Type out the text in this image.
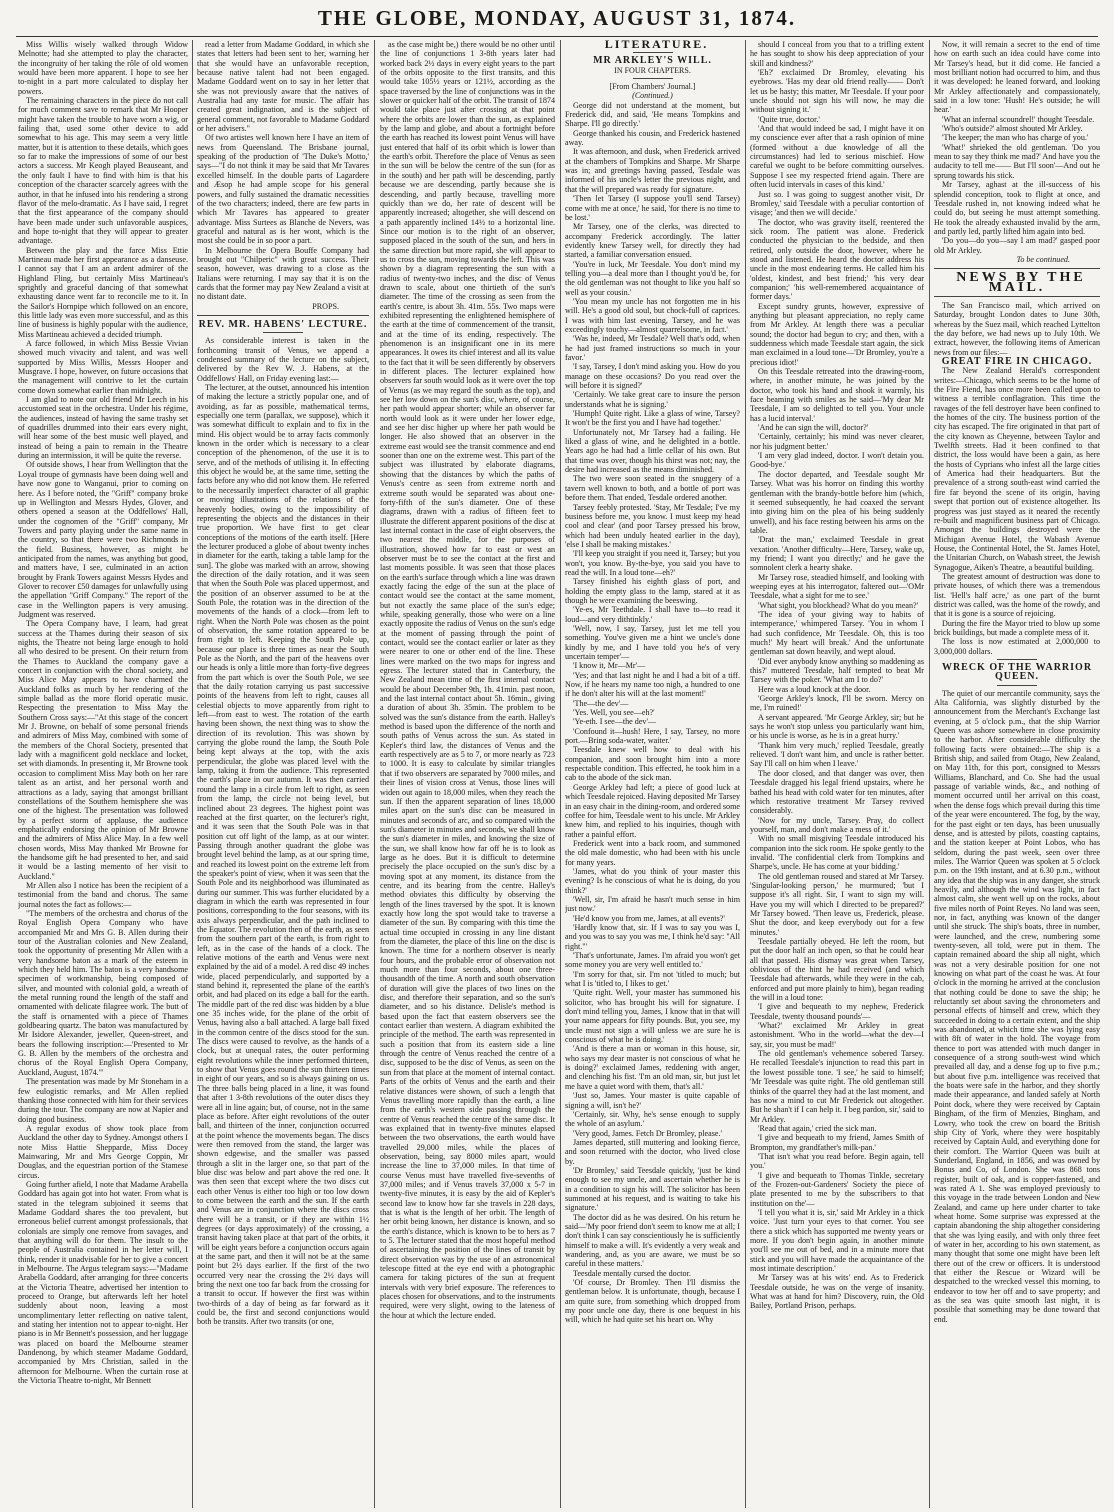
THE GLOBE, MONDAY, AUGUST 31, 1874.

Miss Willis wisely walked through Widow Melnotte; had she attempted to play the character, the incongruity of her taking the rôle of old women would have been more apparent. I hope to see her to-night in a part more calculated to display her powers.

The remaining characters in the piece do not call for much comment save to remark that Mr Hooper might have taken the trouble to have worn a wig, or failing that, used some other device to add somewhat to his age. This may seem a very little matter, but it is attention to these details, which goes so far to make the impressions of some of our best actors a success. Mr Keogh played Beauseant, and the only fault I have to find with him is that his conception of the character scarcely agrees with the author, in that he infused into his rendering a strong flavor of the melo-dramatic. As I have said, I regret that the first appearance of the company should have been made under such unfavorable auspices, and hope to-night that they will appear to greater advantage.

Between the play and the farce Miss Ettie Martineau made her first appearance as a danseuse. I cannot say that I am an ardent admirer of the Highland Fling, but certainly Miss Martineau's sprightly and graceful dancing of that somewhat exhausting dance went far to reconcile me to it. In the Sailor's Hornpipe which followed on an encore, this little lady was even more successful, and as this line of business is highly popular with the audience, Miss Martineau achieved a decided triumph.

A farce followed, in which Miss Bessie Vivian showed much vivacity and talent, and was well supported by Miss Willis, Messrs Hooper and Musgrave. I hope, however, on future occasions that the management will contrive to let the curtain come down somewhat earlier than midnight.

I am glad to note our old friend Mr Leech in his accustomed seat in the orchestra. Under his régime, the audiences, instead of having the same trashy set of quadrilles drummed into their ears every night, will hear some of the best music well played, and instead of being a pain to remain in the Theatre during an intermission, it will be quite the reverse.

Of outside shows, I hear from Wellington that the Loyal troupe of gymnasts have been doing well and have now gone to Wanganui, prior to coming on here. As I before noted, the "Griff" company broke up in Wellington and Messrs Hydes, Glover, and others opened a season at the Oddfellows' Hall, under the cognomen of the "Griff" company, Mr Towers and party playing under the same name in the country, so that there were two Richmonds in the field. Business, however, as might be anticipated from the names, was anything but good, and matters have, I see, culminated in an action brought by Frank Towers against Messrs Hydes and Glover to recover £50 damages for unlawfully using the appellation "Griff Company." The report of the case in the Wellington papers is very amusing. Judgment was reserved.

The Opera Company have, I learn, had great success at the Thames during their season of six nights, the Theatre not being large enough to hold all who desired to be present. On their return from the Thames to Auckland the company gave a concert in conjunction with the choral society, and Miss Alice May appears to have charmed the Auckland folks as much by her rendering of the simple ballad as the more florid operatic music. Respecting the presentation to Miss May the Southern Cross says:—"At this stage of the concert Mr J. Browne, on behalf of some personal friends and admirers of Miss May, combined with some of the members of the Choral Society, presented that lady with a magnificent gold necklace and locket, set with diamonds. In presenting it, Mr Browne took occasion to compliment Miss May both on her rare talent as an artist, and her personal worth and attractions as a lady, saying that amongst brilliant constellations of the Southern hemisphere she was one of the highest. The presentation was followed by a perfect storm of applause, the audience emphatically endorsing the opinion of Mr Browne and the admirers of Miss Alice May. In a few well chosen words, Miss May thanked Mr Browne for the handsome gift he had presented to her, and said it would be a lasting memento of her visit to Auckland."

Mr Allen also I notice has been the recipient of a testimonial from the band and chorus. The same journal notes the fact as follows:—

"The members of the orchestra and chorus of the Royal English Opera Company who have accompanied Mr and Mrs G. B. Allen during their tour of the Australian colonies and New Zealand, took the opportunity of presenting Mr Allen with a very handsome baton as a mark of the esteem in which they held him. The baton is a very handsome specimen of workmanship, being composed of silver, and mounted with colonial gold, a wreath of the metal running round the length of the staff and ornamented with delicate filagree work. The butt of the staff is ornamented with a piece of Thames goldbearing quartz. The baton was manufactured by Mr Isidore Alexander, jeweller, Queen-street, and bears the following inscription:—'Presented to Mr G. B. Allen by the members of the orchestra and chorus of the Royal English Opera Company, Auckland, August, 1874.'"

The presentation was made by Mr Stoneham in a few eulogistic remarks, and Mr Allen replied thanking those connected with him for their services during the tour. The company are now at Napier and doing good business.

A regular exodus of show took place from Auckland the other day to Sydney. Amongst others I note Miss Hattie Shepparde, Miss Docey Mainwaring, Mr and Mrs George Coppin, Mr Douglas, and the equestrian portion of the Stamese circus.

Going further afield, I note that Madame Arabella Goddard has again got into hot water. From what is stated in the telegram subjoined it seems that Madame Goddard shares the too prevalent, but erroneous belief current amongst professionals, that colonials are simply one remove from savages, and that anything will do for them. The insult to the people of Australia contained in her letter will, I think, render it unadvisable for her to give a concert in Melbourne. The Argus telegram says:—"Madame Arabella Goddard, after arranging for three concerts at the Victoria Theatre, advertised her intention to proceed to Orange, but afterwards left her hotel suddenly about noon, leaving a most uncomplimentary letter reflecting on native talent, and stating her intention not to appear to-night. Her piano is in Mr Bennett's possession, and her luggage was placed on board the Melbourne steamer Dandenong, by which steamer Madame Goddard, accompanied by Mrs Christian, sailed in the afternoon for Melbourne. When the curtain rose at the Victoria Theatre to-night, Mr Bennett

read a letter from Madame Goddard, in which she states that letters had been sent to her, warning her that she would have an unfavorable reception, because native talent had not been engaged. Madame Goddard went on to say in her letter that she was not previously aware that the natives of Australia had any taste for music. The affair has created great indignation, and is the subject of general comment, not favorable to Madame Goddard or her advisers."

Of two artistes well known here I have an item of news from Queensland. The Brisbane journal, speaking of the production of 'The Duke's Motto,' says—"I do not think it may be said that Mr Tavares excelled himself. In the double parts of Lagardere and Æsop he had ample scope for his general powers, and fully sustained the dramatic necessities of the two characters; indeed, there are few parts in which Mr Tavares has appeared to greater advantage. Miss Surtees as Blanche de Nevers, was graceful and natural as is her wont, which is the most she could be in so poor a part.

In Melbourne the Opera Bouffe Company had brought out "Chilperic" with great success. Their season, however, was drawing to a close as the Italians were returning. I may say that it is on the cards that the former may pay New Zealand a visit at no distant date.

PROPS.

REV. MR. HABENS' LECTURE.

As considerable interest is taken in the forthcoming transit of Venus, we append a condensed summary of the lecture on the subject, delivered by the Rev W. J. Habens, at the Oddfellows' Hall, on Friday evening last:—

The lecturer, at the outset, announced his intention of making the lecture a strictly popular one, and of avoiding, as far as possible, mathematical terms, especially one term (parallax, we suppose), which it was somewhat difficult to explain and to fix in the mind. His object would be to array facts commonly known in the order which is necessary to a clear conception of the phenomenon, of the use it is to serve, and of the methods of utilising it. In effecting this object he would be, at the same time, setting the facts before any who did not know them. He referred to the necessarily imperfect character of all graphic or moving illustrations of the relations of the heavenly bodies, owing to the impossibility of representing the objects and the distances in their true proportion. We have first to get clear conceptions of the motions of the earth itself. [Here the lecturer produced a globe of about twenty inches in diameter for the earth, taking a table lamp for the sun]. The globe was marked with an arrow, showing the direction of the daily rotation, and it was seen that when the South Pole was placed uppermost, and the position of an observer assumed to be at the South Pole, the rotation was in the direction of the movements of the hands of a clock—from left to right. When the North Pole was chosen as the point of observation, the same rotation appeared to be from right to left. Keeping the South Pole up, because our place is three times as near the South Pole as the North, and the part of the heavens over our heads is only a little more than forty-five degrees from the part which is over the South Pole, we see that the daily rotation carrying us past successive points of the heavens from left to right, causes all celestial objects to move apparently from right to left—from east to west. The rotation of the earth having been shown, the next thing was to show the direction of its revolution. This was shown by carrying the globe round the lamp, the South Pole being kept always at the top, with the axis perpendicular, the globe was placed level with the lamp, taking it from the audience. This represented the earth's place in our autumn. It was then carried round the lamp in a circle from left to right, as seen from the lamp, the circle not being level, but inclined about 23 degrees. The highest point was reached at the first quarter, on the lecturer's right, and it was seen that the South Pole was in that position cut off light of the lamp, as at our winter. Passing through another quadrant the globe was brought level behind the lamp, as at our spring time, and reached its lowest point on the extreme left from the speaker's point of view, when it was seen that the South Pole and its neighborhood was illuminated as during our summer. This was further elucidated by a diagram in which the earth was represented in four positions, corresponding to the four seasons, with its axis always perpendicular, and the path inclined to the Equator. The revolution then of the earth, as seen from the southern part of the earth, is from right to left, as in the case of the hands of a clock. The relative motions of the earth and Venus were next explained by the aid of a model. A red disc 49 inches wide, placed perpendicularly, and supported by a stand behind it, represented the plane of the earth's orbit, and had placed on its edge a ball for the earth. The middle part of the red disc was hidden by a blue one 35 inches wide, for the plane of the orbit of Venus, having also a ball attached. A large ball fixed in the common centre of the discs stood for the sun. The discs were caused to revolve, as the hands of a clock, but at unequal rates, the outer performing eight revolutions while the inner performed thirteen, to show that Venus goes round the sun thirteen times in eight of our years, and so is always gaining on us. The three balls being placed in a line, it was found that after 1 3-8th revolutions of the outer discs they were all in line again; but, of course, not in the same place as before. After eight revolutions of the outer ball, and thirteen of the inner, conjunction occurred at the point whence the movements began. The discs were then removed from the stand, the larger was shown edgewise, and the smaller was passed through a slit in the larger one, so that part of the blue disc was below and part above the red one. It was then seen that except where the two discs cut each other Venus is either too high or too low down to come between the earth and the sun. If the earth and Venus are in conjunction where the discs cross there will be a transit, or if they are within 1½ degrees (or days approximately) of the crossing, a transit having taken place at that part of the orbits, it will be eight years before a conjunction occurs again at the same part, and then it will not be at the same point but 2½ days earlier. If the first of the two occurred very near the crossing the 2½ days will bring the next one too far back from the crossing for a transit to occur. If however the first was within two-thirds of a day of being as far forward as it could be, the first and second conjunctions would both be transits. After two transits (or one,

as the case might be,) there would be no other until the line of conjunctions 1 3-8th years later had worked back 2½ days in every eight years to the part of the orbits opposite to the first transits, and this would take 105½ years or 121½, according as the space traversed by the line of conjunctions was in the slower or quicker half of the orbit. The transit of 1874 would take place just after crossing at that point where the orbits are lower than the sun, as explained by the lamp and globe, and about a fortnight before the earth has reached its lowest point Venus will have just entered that half of its orbit which is lower than the earth's orbit. Therefore the place of Venus as seen in the sun will be below the centre of the sun (for as in the south) and her path will be descending, partly because we are descending, partly because she is descending, and partly because, travelling more quickly than we do, her rate of descent will be apparently increased; altogether, she will descend on a path apparently inclined 14½ to a horizontal line. Since our motion is to the right of an observer, supposed placed in the south of the sun, and hers in the same direction but more rapid, she will appear to us to cross the sun, moving towards the left. This was shown by a diagram representing the sun with a radius of twenty-two inches, and the disc of Venus drawn to scale, about one thirtieth of the sun's diameter. The time of the crossing as seen from the earth's centre, is about 3h. 41m. 55s. Two maps were exhibited representing the enlightened hemisphere of the earth at the time of commencement of the transit, and at the time of its ending, respectively. The phenomenon is an insignificant one in its mere appearances. It owes its chief interest and all its value to the fact that it will be seen differently by observers in different places. The lecturer explained how observers far south would look as it were over the top of Venus (as we may regard the south as the top), and see her low down on the sun's disc, where, of course, her path would appear shorter; while an observer far north would look as it were under her lower edge, and see her disc higher up where her path would be longer. He also showed that an observer in the extreme east would see the transit commence and end sooner than one on the extreme west. This part of the subject was illustrated by elaborate diagrams, showing that the distances by which the paths of Venus's centre as seen from extreme north and extreme south would be separated was about one-forty-fifth of the sun's diameter. One of these diagrams, drawn with a radius of fifteen feet to illustrate the different apparent positions of the disc at last internal contact in the case of eight observers, the two nearest the middle, for the purposes of illustration, showed how far to east or west an observer must be to see the contact at the first and last moments possible. It was seen that those places on the earth's surface through which a line was drawn exactly facing the edge of the sun at the place of contact would see the contact at the same moment, but not exactly the same place of the sun's edge; while, speaking generally, those who were on a line exactly opposite the radius of Venus on the sun's edge at the moment of passing through the point of contact, would see the contact earlier or later as they were nearer to one or other end of the line. These lines were marked on the two maps for ingress and egress. The lecturer stated that in Canterbury, the New Zealand mean time of the first internal contact would be about December 9th, 1h. 41min. past noon, and the last internal contact about 5h. 16min., giving a duration of about 3h. 35min. The problem to be solved was the sun's distance from the earth. Halley's method is based upon the difference of the north and south paths of Venus across the sun. As stated in Kepler's third law, the distances of Venus and the earth respectively are as 5 to 7, or more nearly as 723 to 1000. It is easy to calculate by similar triangles that if two observers are separated by 7000 miles, and their lines of vision cross at Venus, those lines will widen out again to 18,000 miles, when they reach the sun. If then the apparent separation of lines 18,000 miles apart on the sun's disc can be measured in minutes and seconds of arc, and so compared with the sun's diameter in minutes and seconds, we shall know the sun's diameter in miles, and knowing the size of the sun, we shall know how far off he is to look as large as he does. But it is difficult to determine precisely the place occupied on the sun's disc by a moving spot at any moment, its distance from the centre, and its bearing from the centre. Halley's method obviates this difficulty by observing the length of the lines traversed by the spot. It is known exactly how long the spot would take to traverse a diameter of the sun. By comparing with this time the actual time occupied in crossing in any line distant from the diameter, the place of this line on the disc is known. The time for a northern observer is nearly four hours, and the probable error of observation not much more than four seconds, about one three-thousandth of the time. A north and south observation of duration will give the places of two lines on the disc, and therefore their separation, and so the sun's diameter, and so his distance. Delisle's method is based upon the fact that eastern observers see the contact earlier than western. A diagram exhibited the principle of the method. The earth was represented in such a position that from its eastern side a line through the centre of Venus reached the centre of a disc, supposed to be the disc of Venus, as seen on the sun from that place at the moment of internal contact. Parts of the orbits of Venus and the earth and their relative distances were shown, of such a length that Venus travelling more rapidly than the earth, a line from the earth's western side passing through the centre of Venus reached the centre of the same disc. It was explained that in twenty-five minutes elapsed between the two observations, the earth would have travelled 29,000 miles, while the places of observation, being, say 8000 miles apart, would increase the line to 37,000 miles. In that time of course Venus must have travelled five-sevenths of 37,000 miles; and if Venus travels 37,000 x 5-7 in twenty-five minutes, it is easy by the aid of Kepler's second law to know how far she travels in 228 days, that is what is the length of her orbit. The length of her orbit being known, her distance is known, and so the earth's distance, which is known to be to hers as 7 to 5. The lecturer stated that the most hopeful method of ascertaining the position of the lines of transit by direct observation was by the use of an astronomical telescope fitted at the eye end with a photographic camera for taking pictures of the sun at frequent intervals with very brief exposure. The references to places chosen for observations, and to the instruments required, were very slight, owing to the lateness of the hour at which the lecture ended.

LITERATURE.

MR ARKLEY'S WILL.

IN FOUR CHAPTERS.

[From Chambers' Journal.]

(Continued.)

George did not understand at the moment, but Frederick did, and said, 'He means Tompkins and Sharpe. I'll go directly.'

George thanked his cousin, and Frederick hastened away.

It was afternoon, and dusk, when Frederick arrived at the chambers of Tompkins and Sharpe. Mr Sharpe was in; and greetings having passed, Tesdale was informed of his uncle's letter the previous night, and that the will prepared was ready for signature.

'Then let Tarsey (I suppose you'll send Tarsey) come with me at once,' he said, 'for there is no time to be lost.'

Mr Tarsey, one of the clerks, was directed to accompany Frederick accordingly. The latter evidently knew Tarsey well, for directly they had started, a familiar conversation ensued.

'You're in luck, Mr Teesdale. You don't mind my telling you—a deal more than I thought you'd be, for the old gentleman was not thought to like you half so well as your cousin.'

'You mean my uncle has not forgotten me in his will. He's a good old soul, but chock-full of caprices. I was with him last evening, Tarsey, and he was exceedingly touchy—almost quarrelsome, in fact.'

'Was he, indeed, Mr Tesdale? Well that's odd, when he had just framed instructions so much in your favor.'

'I say, Tarsey, I don't mind asking you. How do you manage on these occasions? Do you read over the will before it is signed?'

'Certainly. We take great care to insure the person understands what he is signing.'

'Humph! Quite right. Like a glass of wine, Tarsey? It won't be the first you and I have had together.'

Unfortunately not, Mr Tarsey had a failing. He liked a glass of wine, and he delighted in a bottle. Years ago he had had a little cellar of his own. But that time was over, though his thirst was not; nay, the desire had increased as the means diminished.

The two were soon seated in the snuggery of a tavern well known to both, and a bottle of port was before them. That ended, Tesdale ordered another.

Tarsey feebly protested. 'Stay, Mr Tesdale; I've my business before me, you know. I must keep my head cool and clear' (and poor Tarsey pressed his brow, which had been unduly heated earlier in the day), 'else I shall be making mistakes.'

'I'll keep you straight if you need it, Tarsey; but you won't, you know. By-the-bye, you said you have to read the will. In a loud tone—eh?'

Tarsey finished his eighth glass of port, and holding the empty glass to the lamp, stared at it as though he were examining the beeswing.

'Ye-es, Mr Teethdale. I shall have to—to read it loud—and very dithtinkly.'

'Well, now, I say, Tarsey, just let me tell you something. You've given me a hint we uncle's done kindly by me, and I have told you he's of very uncertain temper'—

'I know it, Mr—Mr'—

'Yes; and that last night he and I had a bit of a tiff. Now, if he hears my name too nigh, a hundred to one if he don't alter his will at the last moment!'

'The—the dev'—

'Yes. Well, you see—eh?'

'Ye-eth. I see—the dev'—

'Confound it—hush! Here, I say, Tarsey, no more port.—Bring soda-water, waiter.'

Teesdale knew well how to deal with his companion, and soon brought him into a more respectable condition. This effected, he took him in a cab to the abode of the sick man.

George Arkley had left; a piece of good luck at which Teesdale rejoiced. Having deposited Mr Tarsey in an easy chair in the dining-room, and ordered some coffee for him, Teesdale went to his uncle. Mr Arkley knew him, and replied to his inquiries, though with rather a painful effort.

Frederick went into a back room, and summoned the old male domestic, who had been with his uncle for many years.

'James, what do you think of your master this evening? Is he conscious of what he is doing, do you think?'

'Well, sir, I'm afraid he hasn't much sense in him just now.'

'He'd know you from me, James, at all events?'

'Hardly know that, sir. If I was to say you was I, and you was to say you was me, I think he'd say: "All right."'

'That's unfortunate, James. I'm afraid you won't get some money you are very well entitled to.'

'I'm sorry for that, sir. I'm not 'titled to much; but what I is 'titled to, I likes to get.'

'Quite right. Well, your master has summoned his solicitor, who has brought his will for signature. I don't mind telling you, James, I know that in that will your name appears for fifty pounds. But, you see, my uncle must not sign a will unless we are sure he is conscious of what he is doing.'

'And is there a man or woman in this house, sir, who says my dear master is not conscious of what he is doing?' exclaimed James, reddening with anger, and clenching his fist. 'I'm an old man, sir, but just let me have a quiet word with them, that's all.'

'Just so, James. Your master is quite capable of signing a will, isn't he?'

'Certainly, sir. Why, he's sense enough to supply the whole of an asylum.'

'Very good, James. Fetch Dr Bromley, please.'

James departed, still muttering and looking fierce, and soon returned with the doctor, who lived close by.

'Dr Bromley,' said Teesdale quickly, 'just be kind enough to see my uncle, and ascertain whether he is in a condition to sign his will. The solicitor has been summoned at his request, and is waiting to take his signature.'

The doctor did as he was desired. On his return he said—'My poor friend don't seem to know me at all; I don't think I can say conscientiously he is sufficiently himself to make a will. It's evidently a very weak and wandering, and, as you are aware, we must be so careful in these matters.'

Teesdale mentally cursed the doctor.

'Of course, Dr Bromley. Then I'll dismiss the gentleman below. It is unfortunate, though, because I am quite sure, from something which dropped from my poor uncle one day, there is one bequest in his will, which he had quite set his heart on. Why

should I conceal from you that to a trifling extent he has sought to show his deep appreciation of your skill and kindness?'

'Eh?' exclaimed Dr Bromley, elevating his eyebrows. 'Has my dear old friend really—— Don't let us be hasty; this matter, Mr Teesdale. If your poor uncle should not sign his will now, he may die without signing it.'

'Quite true, doctor.'

'And that would indeed be sad, I might have it on my conscience ever after that a rash opinion of mine (formed without a due knowledge of all the circumstances) had led to serious mischief. How careful we ought to be before committing ourselves. Suppose I see my respected friend again. There are often lucid intervals in cases of this kind.'

Just so. I was going to suggest another visit, Dr Bromley,' said Teesdale with a peculiar contortion of visage; 'and then we will decide.'

The doctor, who was gravity itself, reentered the sick room. The patient was alone. Frederick conducted the physician to the bedside, and then retired, only outside the door, however, where he stood and listened. He heard the doctor address his uncle in the most endearing terms. He called him his 'oldest, kindest, and best friend;' 'his very dear companion;' 'his well-remembered acquaintance of former days.'

Except sundry grunts, however, expressive of anything but pleasant appreciation, no reply came from Mr Arkley. At length there was a peculiar sound; the doctor had begun to cry; and then, with a suddenness which made Teesdale start again, the sick man exclaimed in a loud tone—'Dr Bromley, you're a precious idiot!'

On this Teesdale retreated into the drawing-room, where, in another minute, he was joined by the doctor, who took his hand and shook it warmly, his face beaming with smiles as he said—'My dear Mr Teesdale, I am so delighted to tell you. Your uncle has a lucid interval.'

'And he can sign the will, doctor?'

'Certainly, certainly; his mind was never clearer, nor his judgment better.'

'I am very glad indeed, doctor. I won't detain you. Good-bye.'

The doctor departed, and Teesdale sought Mr Tarsey. What was his horror on finding this worthy gentleman with the brandy-bottle before him (which, it seemed subsequently, he had coaxed the servant into giving him on the plea of his being suddenly unwell), and his face resting between his arms on the table.

'Drat the man,' exclaimed Teesdale in great vexation. 'Another difficulty—Here, Tarsey, wake up, my friend; I want you directly;' and he gave the somnolent clerk a hearty shake.

Mr Tarsey rose, steadied himself, and looking with weeping eyes at his interrogator, faltered out—'OMr Teesdale, what a sight for me to see.'

'What sight, you blockhead? What do you mean?'

'The idea of your giving way to habits of intemperance,' whimpered Tarsey. 'You in whom I had such confidence, Mr Teesdale. Oh, this is too much!' My heart will break.' And the unfortunate gentleman sat down heavily, and wept aloud.

'Did ever anybody know anything so maddening as this?' muttered Teesdale, half tempted to beat Mr Tarsey with the poker. 'What am I to do?'

Here was a loud knock at the door.

'George Arkley's knock, I'll be sworn. Mercy on me, I'm ruined!'

A servant appeared. 'Mr George Arkley, sir; but he says he won't stop unless you particularly want him, or his uncle is worse, as he is in a great hurry.'

'Thank him very much,' replied Teesdale, greatly relieved. 'I don't want him, and uncle is rather better. Say I'll call on him when I leave.'

The door closed, and that danger was over, then Teesdale dragged his legal friend upstairs, where he bathed his head with cold water for ten minutes, after which restorative treatment Mr Tarsey revived considerably.

'Now for my uncle, Tarsey. Pray, do collect yourself, man, and don't make a mess of it.'

With no small misgiving Teesdale introduced his companion into the sick room. He spoke gently to the invalid. 'The confidential clerk from Tompkins and Sharpe's, uncle. He has come at your bidding.'

The old gentleman roused and stared at Mr Tarsey. 'Singular-looking person,' he murmured; 'but I suppose it's all right. Sir, I want to sign my will. Have you my will which I directed to be prepared?' Mr Tarsey bowed. 'Then leave us, Frederick, please. Shut the door, and keep everybody out for a few minutes.'

Teesdale partially obeyed. He left the room, but put the door half an inch open, so that he could hear all that passed. His dismay was great when Tarsey, oblivious of the hint he had received (and which Teesdale had afterwards, while they were in the cab, enforced and put more plainly to him), began reading the will in a loud tone:

'I give and bequeath to my nephew, Frederick Teesdale, twenty thousand pounds'—

'What?' exclaimed Mr Arkley in great astonishment. 'Who in the world—what the dev—I say, sir, you must be mad!'

The old gentleman's vehemence sobered Tarsey. He recalled Teesdale's injunction to read this part in the lowest possible tone. 'I see,' he said to himself; 'Mr Teesdale was quite right. The old gentleman still thinks of the quarrel they had at the last moment, and has now a mind to cut Mr Frederick out altogether. But he shan't if I can help it. I beg pardon, sir,' said to Mr Arkley.

'Read that again,' cried the sick man.

'I give and bequeath to my friend, James Smith of Brompton, my grandfather's milk-pan.'

'That isn't what you read before. Begin again, tell you.'

'I give and bequeath to Thomas Tinkle, secretary of the Frozen-out-Gardeners' Society the piece of plate presented to me by the subscribers to that institution on the'—

'I tell you what it is, sir,' said Mr Arkley in a thick voice. 'Just turn your eyes to that corner. You see there a stick which has supported me twenty years or more. If you don't begin again, in another minute you'll see me out of bed, and in a minute more that stick and you will have made the acquaintance of the most intimate description.'

Mr Tarsey was at his wits' end. As to Frederick Teesdale outside, he was on the verge of insanity. What was at hand for him? Discovery, ruin, the Old Bailey, Portland Prison, perhaps.

Now, it will remain a secret to the end of time how on earth such an idea could have come into Mr Tarsey's head, but it did come. He fancied a most brilliant notion had occurred to him, and thus it was developed: he leaned forward, and looking Mr Arkley affectionately and compassionately, said in a low tone: 'Hush! He's outside; he will hear.'

'What an infernal scoundrel!' thought Teesdale.

'Who's outside?' almost shouted Mr Arkley.

'The keeper; the man who has charge of you.'

'What!' shrieked the old gentleman. 'Do you mean to say they think me mad?' And have you the audacity to tell me—— But I'll soon'—And out he sprung towards his stick.

Mr Tarsey, aghast at the ill-success of his splendid conception, took to flight at once, and Teesdale rushed in, not knowing indeed what he could do, but seeing he must attempt something. He took the already exhausted invalid by the arm, and partly led, partly lifted him again into bed.

'Do you—do you—say I am mad?' gasped poor old Mr Arkley.

To be continued.

NEWS BY THE MAIL.

The San Francisco mail, which arrived on Saturday, brought London dates to June 30th, whereas by the Suez mail, which reached Lyttelton the day before, we had news up to July 10th. We extract, however, the following items of American news from our files:—

GREAT FIRE IN CHICAGO.

The New Zealand Herald's correspondent writes:—Chicago, which seems to be the home of the Fire Fiend, has once more been called upon to witness a terrible conflagration. This time the ravages of the fell destroyer have been confined to the homes of the city. The business portion of the city has escaped. The fire originated in that part of the city known as Cheyenne, between Taylor and Twelfth streets. Had it been confined to that district, the loss would have been a gain, as here the hosts of Cyprians who infest all the large cities of America had their headquarters. But the prevalence of a strong south-east wind carried the fire far beyond the scene of its origin, having swept that portion out of existence altogether. Its progress was just stayed as it neared the recently re-built and magnificent business part of Chicago. Amongst the buildings destroyed were the Michigan Avenue Hotel, the Wabash Avenue House, the Continental Hotel, the St. James Hotel, the Unitarian Church, on Wabash street, the Jewish Synagogue, Aiken's Theatre, a beautiful building.

The greatest amount of destruction was done to private houses, of which there was a tremendous list. 'Hell's half acre,' as one part of the burnt district was called, was the home of the rowdy, and that it is gone is a source of rejoicing.

During the fire the Mayor tried to blow up some brick buildings, but made a complete mess of it.

The loss is now estimated at 2,000,000 to 3,000,000 dollars.

WRECK OF THE WARRIOR QUEEN.

The quiet of our mercantile community, says the Alta California, was slightly disturbed by the announcement from the Merchant's Exchange last evening, at 5 o'clock p.m., that the ship Warrior Queen was ashore somewhere in close proximity to the harbor. After considerable difficulty the following facts were obtained:—The ship is a British ship, and sailed from Otago, New Zealand, on May 11th, for this port, consigned to Messrs Williams, Blanchard, and Co. She had the usual passage of variable winds, &c., and nothing of moment occurred until her arrival on this coast, when the dense fogs which prevail during this time of the year were encountered. The fog, by the way, for the past eight or ten days, has been unusually dense, and is attested by pilots, coasting captains, and the station keeper at Point Lobos, who has seldom, during the past week, seen over three miles. The Warrior Queen was spoken at 5 o'clock p.m. on the 19th instant, and at 6.30 p.m., without any idea that the ship was in any danger, she struck heavily, and although the wind was light, in fact almost calm, she went well up on the rocks, about five miles north of Point Reyes. No land was seen, nor, in fact, anything was known of the danger until she struck. The ship's boats, three in number, were launched, and the crew, numbering some twenty-seven, all told, were put in them. The captain remained aboard the ship all night, which was not a very desirable position for one not knowing on what part of the coast he was. At four o'clock in the morning he arrived at the conclusion that nothing could be done to save the ship; he reluctantly set about saving the chronometers and personal effects of himself and crew, which they succeeded in doing to a certain extent, and the ship was abandoned, at which time she was lying easy with 8ft of water in the hold. The voyage from thence to port was attended with much danger in consequence of a strong south-west wind which prevailed all day, and a dense fog up to five p.m.; but about five p.m. intelligence was received that the boats were safe in the harbor, and they shortly made their appearance, and landed safely at North Point dock, where they were received by Captain Bingham, of the firm of Menzies, Bingham, and Lowry, who took the crew on board the British ship City of York, where they were hospitably received by Captain Auld, and everything done for their comfort. The Warrior Queen was built at Sunderland, England, in 1856, and was owned by Bonus and Co, of London. She was 868 tons register, built of oak, and is copper-fastened, and was rated A 1. She was employed previously to this voyage in the trade between London and New Zealand, and came up here under charter to take wheat home. Some surprise was expressed at the captain abandoning the ship altogether considering that she was lying easily, and with only three feet of water in her, according to his own statement, as many thought that some one might have been left there out of the crew or officers. It is understood that either the Rescue or Wizard will be despatched to the wrecked vessel this morning, to endeavor to tow her off and to save property; and as the sea was quite smooth last night, it is possible that something may be done toward that end.
